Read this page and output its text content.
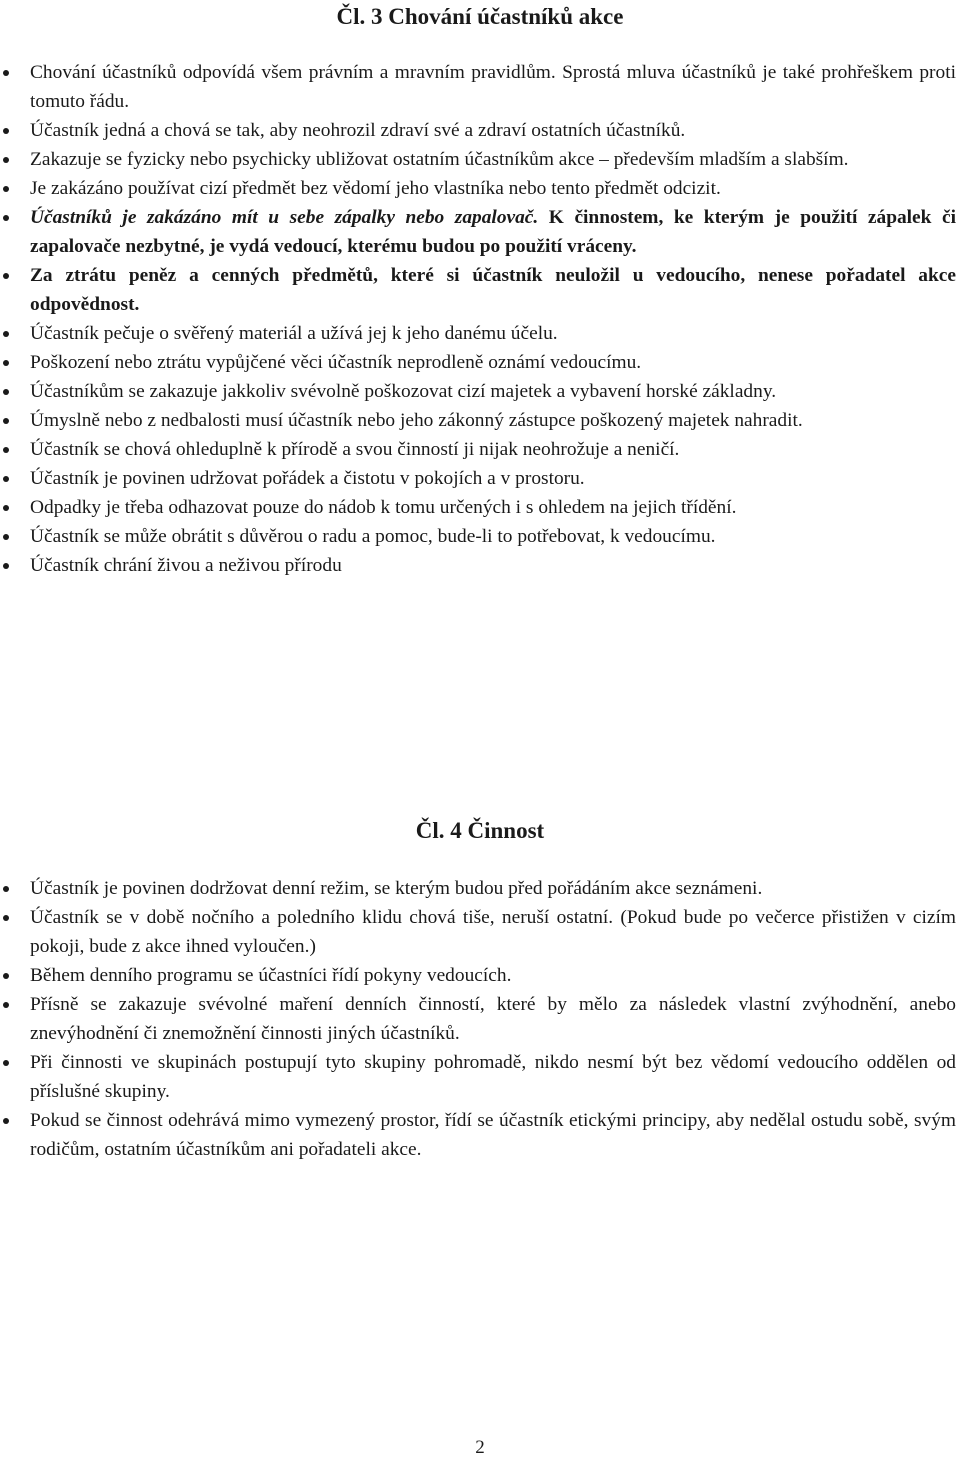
Čl. 3 Chování účastníků akce
Chování účastníků odpovídá všem právním a mravním pravidlům. Sprostá mluva účastníků je také prohřeškem proti tomuto řádu.
Účastník jedná a chová se tak, aby neohrozil zdraví své a zdraví ostatních účastníků.
Zakazuje se fyzicky nebo psychicky ubližovat ostatním účastníkům akce – především mladším a slabším.
Je zakázáno používat cizí předmět bez vědomí jeho vlastníka nebo tento předmět odcizit.
Účastníků je zakázáno mít u sebe zápalky nebo zapalovač. K činnostem, ke kterým je použití zápalek či zapalovače nezbytné, je vydá vedoucí, kterému budou po použití vráceny.
Za ztrátu peněz a cenných předmětů, které si účastník neuložil u vedoucího, nenese pořadatel akce odpovědnost.
Účastník pečuje o svěřený materiál a užívá jej k jeho danému účelu.
Poškození nebo ztrátu vypůjčené věci účastník neprodleně oznámí vedoucímu.
Účastníkům se zakazuje jakkoliv svévolně poškozovat cizí majetek a vybavení horské základny.
Úmyslně nebo z nedbalosti musí účastník nebo jeho zákonný zástupce poškozený majetek nahradit.
Účastník se chová ohleduplně k přírodě a svou činností ji nijak neohrožuje a neničí.
Účastník je povinen udržovat pořádek a čistotu v pokojích a v prostoru.
Odpadky je třeba odhazovat pouze do nádob k tomu určených i s ohledem na jejich třídění.
Účastník se může obrátit s důvěrou o radu a pomoc, bude-li to potřebovat, k vedoucímu.
Účastník chrání živou a neživou přírodu
Čl. 4 Činnost
Účastník je povinen dodržovat denní režim, se kterým budou před pořádáním akce seznámeni.
Účastník se v době nočního a poledního klidu chová tiše, neruší ostatní. (Pokud bude po večerce přistižen v cizím pokoji, bude z akce ihned vyloučen.)
Během denního programu se účastníci řídí pokyny vedoucích.
Přísně se zakazuje svévolné maření denních činností, které by mělo za následek vlastní zvýhodnění, anebo znevýhodnění či znemožnění činnosti jiných účastníků.
Při činnosti ve skupinách postupují tyto skupiny pohromadě, nikdo nesmí být bez vědomí vedoucího oddělen od příslušné skupiny.
Pokud se činnost odehrává mimo vymezený prostor, řídí se účastník etickými principy, aby nedělal ostudu sobě, svým rodičům, ostatním účastníkům ani pořadateli akce.
2
